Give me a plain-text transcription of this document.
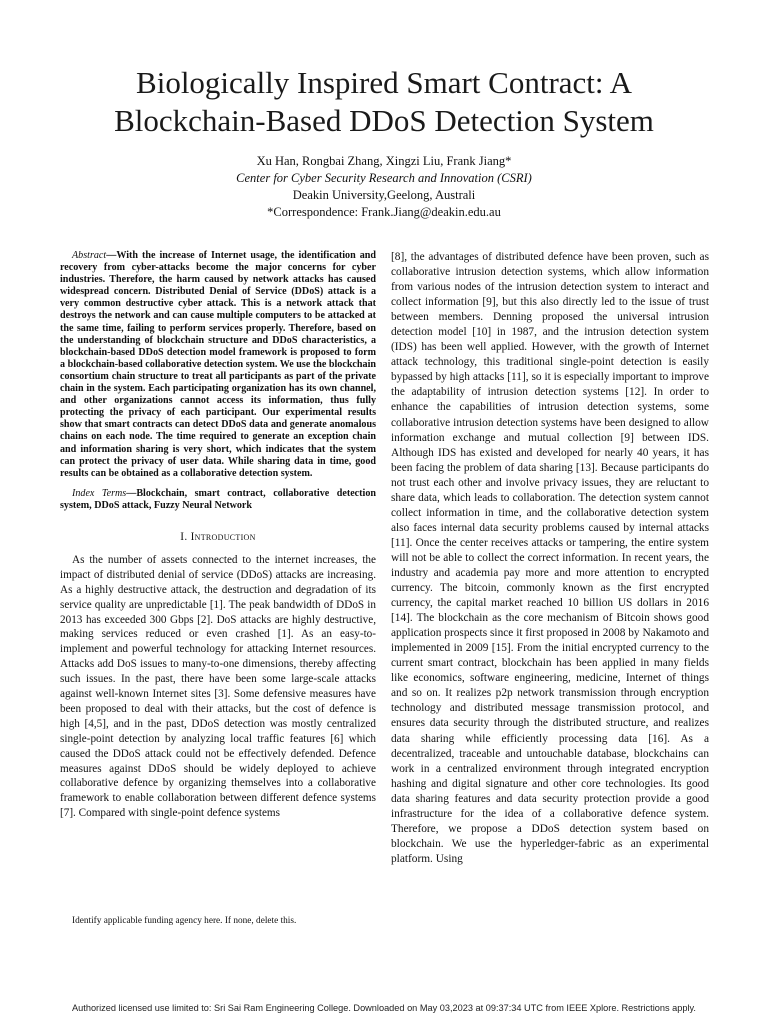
Biologically Inspired Smart Contract: A
Blockchain-Based DDoS Detection System
Xu Han, Rongbai Zhang, Xingzi Liu, Frank Jiang*
Center for Cyber Security Research and Innovation (CSRI)
Deakin University,Geelong, Australi
*Correspondence: Frank.Jiang@deakin.edu.au

Abstract—With the increase of Internet usage, the identification and recovery from cyber-attacks become the major concerns for cyber industries. Therefore, the harm caused by network attacks has caused widespread concern. Distributed Denial of Service (DDoS) attack is a very common destructive cyber attack. This is a network attack that destroys the network and can cause multiple computers to be attacked at the same time, failing to perform services properly. Therefore, based on the understanding of blockchain structure and DDoS characteristics, a blockchain-based DDoS detection model framework is proposed to form a blockchain-based collaborative detection system. We use the blockchain consortium chain structure to treat all participants as part of the private chain in the system. Each participating organization has its own channel, and other organizations cannot access its information, thus fully protecting the privacy of each participant. Our experimental results show that smart contracts can detect DDoS data and generate anomalous chains on each node. The time required to generate an exception chain and information sharing is very short, which indicates that the system can protect the privacy of user data. While sharing data in time, good results can be obtained as a collaborative detection system.

Index Terms—Blockchain, smart contract, collaborative detection system, DDoS attack, Fuzzy Neural Network

I. Introduction

As the number of assets connected to the internet increases, the impact of distributed denial of service (DDoS) attacks are increasing. As a highly destructive attack, the destruction and degradation of its service quality are unpredictable [1]. The peak bandwidth of DDoS in 2013 has exceeded 300 Gbps [2]. DoS attacks are highly destructive, making services reduced or even crashed [1]. As an easy-to-implement and powerful technology for attacking Internet resources. Attacks add DoS issues to many-to-one dimensions, thereby affecting such issues. In the past, there have been some large-scale attacks against well-known Internet sites [3]. Some defensive measures have been proposed to deal with their attacks, but the cost of defence is high [4,5], and in the past, DDoS detection was mostly centralized single-point detection by analyzing local traffic features [6] which caused the DDoS attack could not be effectively defended. Defence measures against DDoS should be widely deployed to achieve collaborative defence by organizing themselves into a collaborative framework to enable collaboration between different defence systems [7]. Compared with single-point defence systems

[8], the advantages of distributed defence have been proven, such as collaborative intrusion detection systems, which allow information from various nodes of the intrusion detection system to interact and collect information [9], but this also directly led to the issue of trust between members. Denning proposed the universal intrusion detection model [10] in 1987, and the intrusion detection system (IDS) has been well applied. However, with the growth of Internet attack technology, this traditional single-point detection is easily bypassed by high attacks [11], so it is especially important to improve the adaptability of intrusion detection systems [12]. In order to enhance the capabilities of intrusion detection systems, some collaborative intrusion detection systems have been designed to allow information exchange and mutual collection [9] between IDS. Although IDS has existed and developed for nearly 40 years, it has been facing the problem of data sharing [13]. Because participants do not trust each other and involve privacy issues, they are reluctant to share data, which leads to collaboration. The detection system cannot collect information in time, and the collaborative detection system also faces internal data security problems caused by internal attacks [11]. Once the center receives attacks or tampering, the entire system will not be able to collect the correct information. In recent years, the industry and academia pay more and more attention to encrypted currency. The bitcoin, commonly known as the first encrypted currency, the capital market reached 10 billion US dollars in 2016 [14]. The blockchain as the core mechanism of Bitcoin shows good application prospects since it first proposed in 2008 by Nakamoto and implemented in 2009 [15]. From the initial encrypted currency to the current smart contract, blockchain has been applied in many fields like economics, software engineering, medicine, Internet of things and so on. It realizes p2p network transmission through encryption technology and distributed message transmission protocol, and ensures data security through the distributed structure, and realizes data sharing while efficiently processing data [16]. As a decentralized, traceable and untouchable database, blockchains can work in a centralized environment through integrated encryption hashing and digital signature and other core technologies. Its good data sharing features and data security protection provide a good infrastructure for the idea of a collaborative defence system. Therefore, we propose a DDoS detection system based on blockchain. We use the hyperledger-fabric as an experimental platform. Using

Identify applicable funding agency here. If none, delete this.
Authorized licensed use limited to: Sri Sai Ram Engineering College. Downloaded on May 03,2023 at 09:37:34 UTC from IEEE Xplore. Restrictions apply.
